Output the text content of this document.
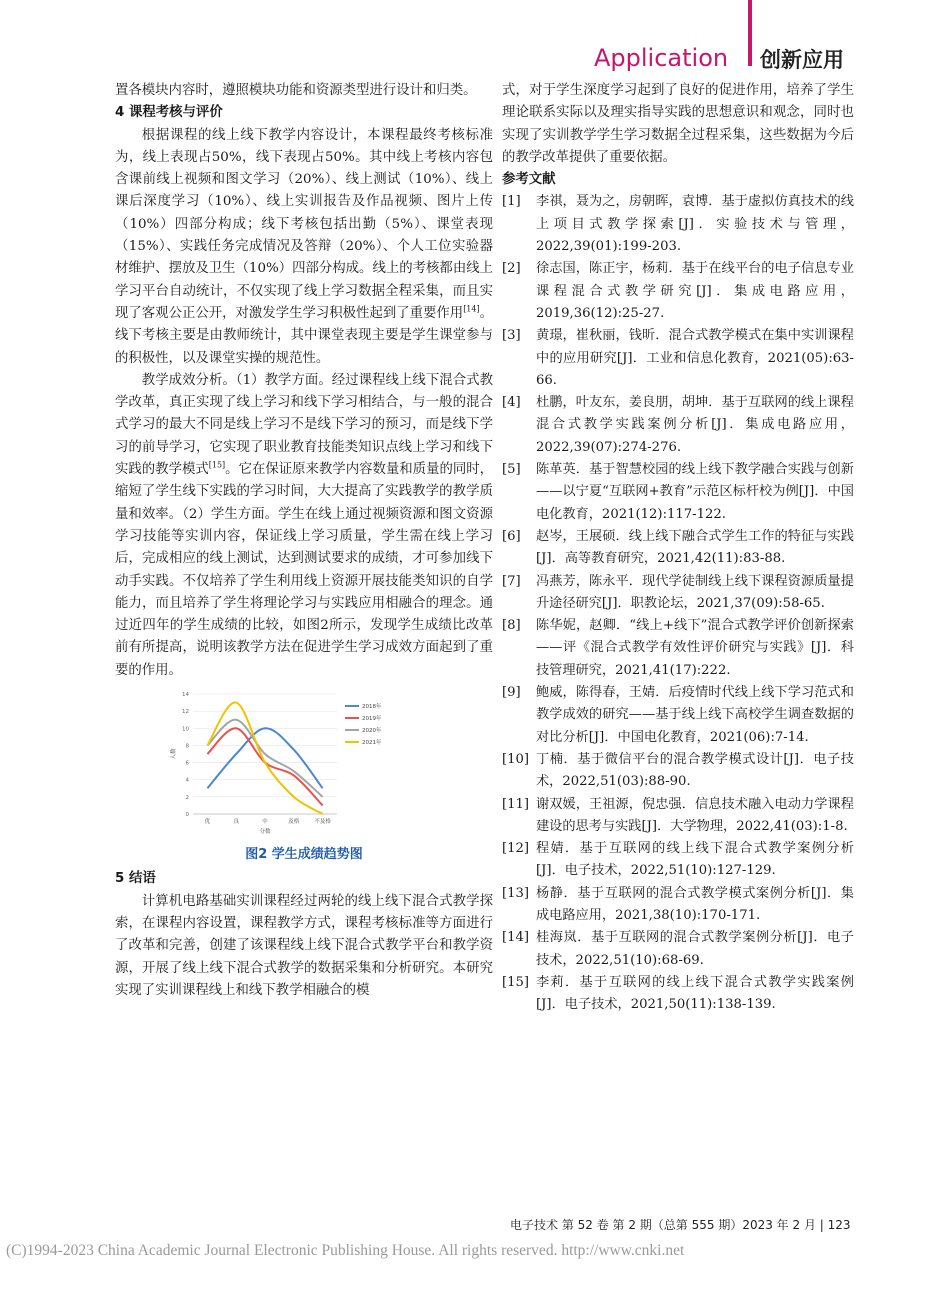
Application 创新应用

置各模块内容时，遵照模块功能和资源类型进行设计和归类。

4 课程考核与评价

根据课程的线上线下教学内容设计，本课程最终考核标准为，线上表现占50%，线下表现占50%。其中线上考核内容包含课前线上视频和图文学习（20%）、线上测试（10%）、线上课后深度学习（10%）、线上实训报告及作品视频、图片上传（10%）四部分构成；线下考核包括出勤（5%）、课堂表现（15%）、实践任务完成情况及答辩（20%）、个人工位实验器材维护、摆放及卫生（10%）四部分构成。线上的考核都由线上学习平台自动统计，不仅实现了线上学习数据全程采集，而且实现了客观公正公开，对激发学生学习积极性起到了重要作用[14]。线下考核主要是由教师统计，其中课堂表现主要是学生课堂参与的积极性，以及课堂实操的规范性。

教学成效分析。（1）教学方面。经过课程线上线下混合式教学改革，真正实现了线上学习和线下学习相结合，与一般的混合式学习的最大不同是线上学习不是线下学习的预习，而是线下学习的前导学习，它实现了职业教育技能类知识点线上学习和线下实践的教学模式[15]。它在保证原来教学内容数量和质量的同时，缩短了学生线下实践的学习时间，大大提高了实践教学的教学质量和效率。（2）学生方面。学生在线上通过视频资源和图文资源学习技能等实训内容，保证线上学习质量，学生需在线上学习后，完成相应的线上测试，达到测试要求的成绩，才可参加线下动手实践。不仅培养了学生利用线上资源开展技能类知识的自学能力，而且培养了学生将理论学习与实践应用相融合的理念。通过近四年的学生成绩的比较，如图2所示，发现学生成绩比改革前有所提高，说明该教学方法在促进学生学习成效方面起到了重要的作用。

0
2
4
6
8
10
12
14
优	良	中	及格	不及格
分数
人数
2018年
2019年
2020年
2021年
图2 学生成绩趋势图
5 结语

计算机电路基础实训课程经过两轮的线上线下混合式教学探索，在课程内容设置，课程教学方式，课程考核标准等方面进行了改革和完善，创建了该课程线上线下混合式教学平台和教学资源，开展了线上线下混合式教学的数据采集和分析研究。本研究实现了实训课程线上和线下教学相融合的模

式，对于学生深度学习起到了良好的促进作用，培养了学生理论联系实际以及理实指导实践的思想意识和观念，同时也实现了实训教学学生学习数据全过程采集，这些数据为今后的教学改革提供了重要依据。

参考文献
[1] 李祺，聂为之，房朝晖，袁博．基于虚拟仿真技术的线上项目式教学探索[J]．实验技术与管理，2022,39(01):199-203.
[2] 徐志国，陈正宇，杨莉．基于在线平台的电子信息专业课程混合式教学研究[J]．集成电路应用，2019,36(12):25-27.
[3] 黄璟，崔秋丽，钱昕．混合式教学模式在集中实训课程中的应用研究[J]．工业和信息化教育，2021(05):63-66.
[4] 杜鹏，叶友东，姜良朋，胡坤．基于互联网的线上课程混合式教学实践案例分析[J]．集成电路应用，2022,39(07):274-276.
[5] 陈革英．基于智慧校园的线上线下教学融合实践与创新——以宁夏“互联网+教育”示范区标杆校为例[J]．中国电化教育，2021(12):117-122.
[6] 赵岑，王展硕．线上线下融合式学生工作的特征与实践[J]．高等教育研究，2021,42(11):83-88.
[7] 冯燕芳，陈永平．现代学徒制线上线下课程资源质量提升途径研究[J]．职教论坛，2021,37(09):58-65.
[8] 陈华妮，赵卿．“线上+线下”混合式教学评价创新探索——评《混合式教学有效性评价研究与实践》[J]．科技管理研究，2021,41(17):222.
[9] 鲍威，陈得春，王婧．后疫情时代线上线下学习范式和教学成效的研究——基于线上线下高校学生调查数据的对比分析[J]．中国电化教育，2021(06):7-14.
[10] 丁楠．基于微信平台的混合教学模式设计[J]．电子技术，2022,51(03):88-90.
[11] 谢双媛，王祖源，倪忠强．信息技术融入电动力学课程建设的思考与实践[J]．大学物理，2022,41(03):1-8.
[12] 程婧．基于互联网的线上线下混合式教学案例分析[J]．电子技术，2022,51(10):127-129.
[13] 杨静．基于互联网的混合式教学模式案例分析[J]．集成电路应用，2021,38(10):170-171.
[14] 桂海岚．基于互联网的混合式教学案例分析[J]．电子技术，2022,51(10):68-69.
[15] 李莉．基于互联网的线上线下混合式教学实践案例[J]．电子技术，2021,50(11):138-139.
电子技术 第 52 卷 第 2 期（总第 555 期）2023 年 2 月 | 123
(C)1994-2023 China Academic Journal Electronic Publishing House. All rights reserved. http://www.cnki.net
